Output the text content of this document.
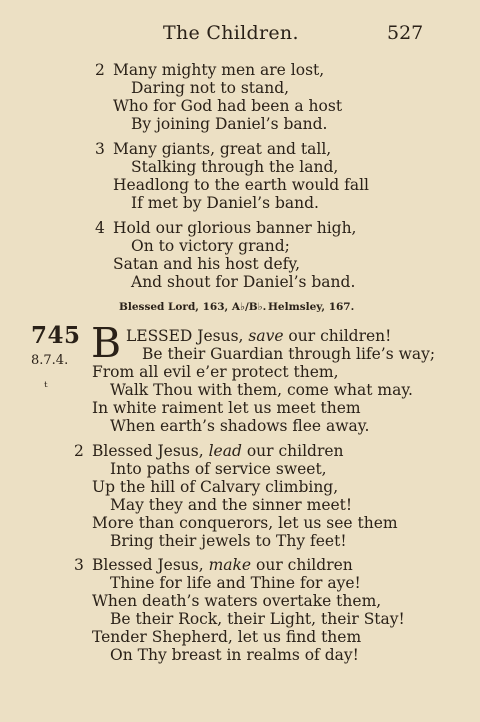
The Children.	527
2 Many mighty men are lost,
Daring not to stand,
Who for God had been a host
By joining Daniel’s band.
3 Many giants, great and tall,
Stalking through the land,
Headlong to the earth would fall
If met by Daniel’s band.
4 Hold our glorious banner high,
On to victory grand;
Satan and his host defy,
And shout for Daniel’s band.
Blessed Lord, 163, A♭/B♭. Helmsley, 167.
745
8.7.4.
ₜ
B LESSED Jesus, save our children!
Be their Guardian through life’s way;
From all evil e’er protect them,
Walk Thou with them, come what may.
In white raiment let us meet them
When earth’s shadows flee away.
2 Blessed Jesus, lead our children
Into paths of service sweet,
Up the hill of Calvary climbing,
May they and the sinner meet!
More than conquerors, let us see them
Bring their jewels to Thy feet!
3 Blessed Jesus, make our children
Thine for life and Thine for aye!
When death’s waters overtake them,
Be their Rock, their Light, their Stay!
Tender Shepherd, let us find them
On Thy breast in realms of day!
